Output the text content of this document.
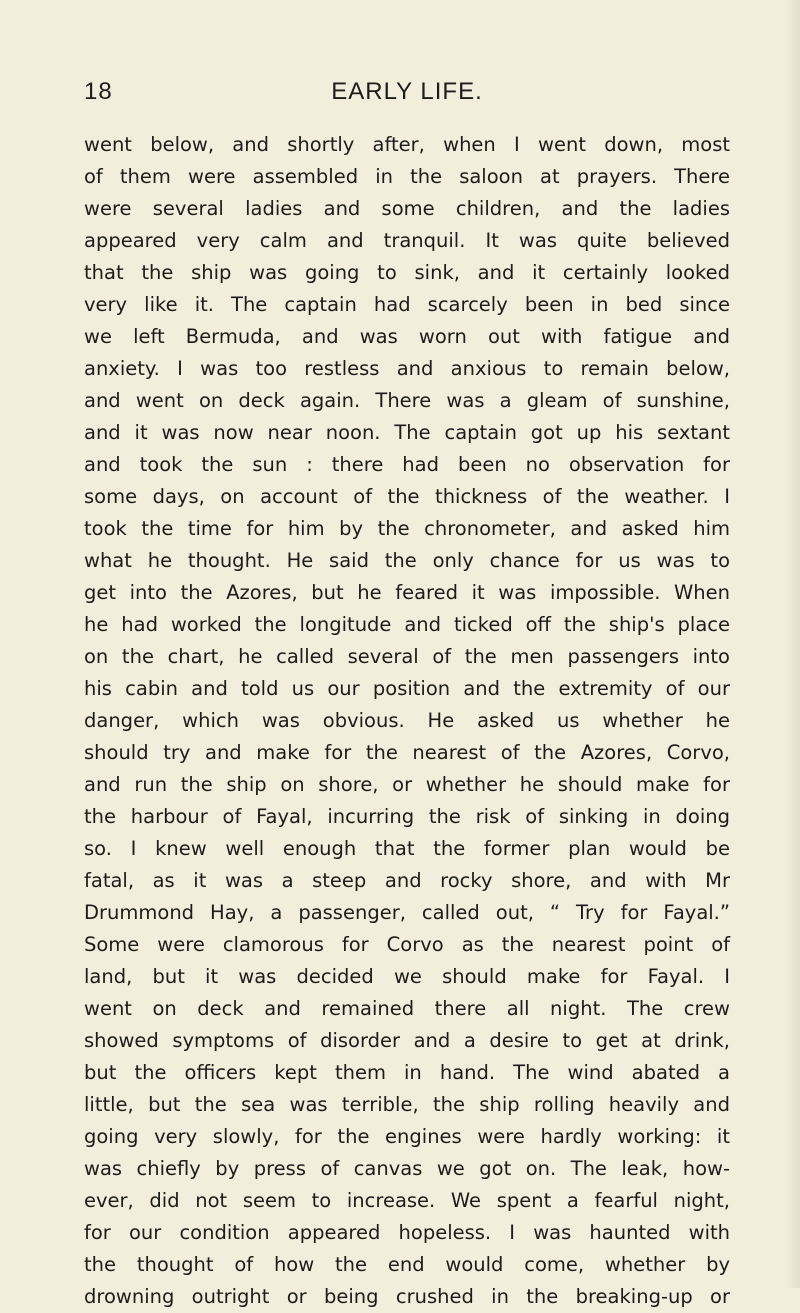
18	EARLY LIFE.
went below, and shortly after, when I went down, most
of them were assembled in the saloon at prayers. There
were several ladies and some children, and the ladies
appeared very calm and tranquil. It was quite believed
that the ship was going to sink, and it certainly looked
very like it. The captain had scarcely been in bed since
we left Bermuda, and was worn out with fatigue and
anxiety. I was too restless and anxious to remain below,
and went on deck again. There was a gleam of sunshine,
and it was now near noon. The captain got up his sextant
and took the sun : there had been no observation for
some days, on account of the thickness of the weather. I
took the time for him by the chronometer, and asked him
what he thought. He said the only chance for us was to
get into the Azores, but he feared it was impossible. When
he had worked the longitude and ticked off the ship's place
on the chart, he called several of the men passengers into
his cabin and told us our position and the extremity of our
danger, which was obvious. He asked us whether he
should try and make for the nearest of the Azores, Corvo,
and run the ship on shore, or whether he should make for
the harbour of Fayal, incurring the risk of sinking in doing
so. I knew well enough that the former plan would be
fatal, as it was a steep and rocky shore, and with Mr
Drummond Hay, a passenger, called out, “ Try for Fayal.”
Some were clamorous for Corvo as the nearest point of
land, but it was decided we should make for Fayal. I
went on deck and remained there all night. The crew
showed symptoms of disorder and a desire to get at drink,
but the officers kept them in hand. The wind abated a
little, but the sea was terrible, the ship rolling heavily and
going very slowly, for the engines were hardly working: it
was chiefly by press of canvas we got on. The leak, how-
ever, did not seem to increase. We spent a fearful night,
for our condition appeared hopeless. I was haunted with
the thought of how the end would come, whether by
drowning outright or being crushed in the breaking-up or
